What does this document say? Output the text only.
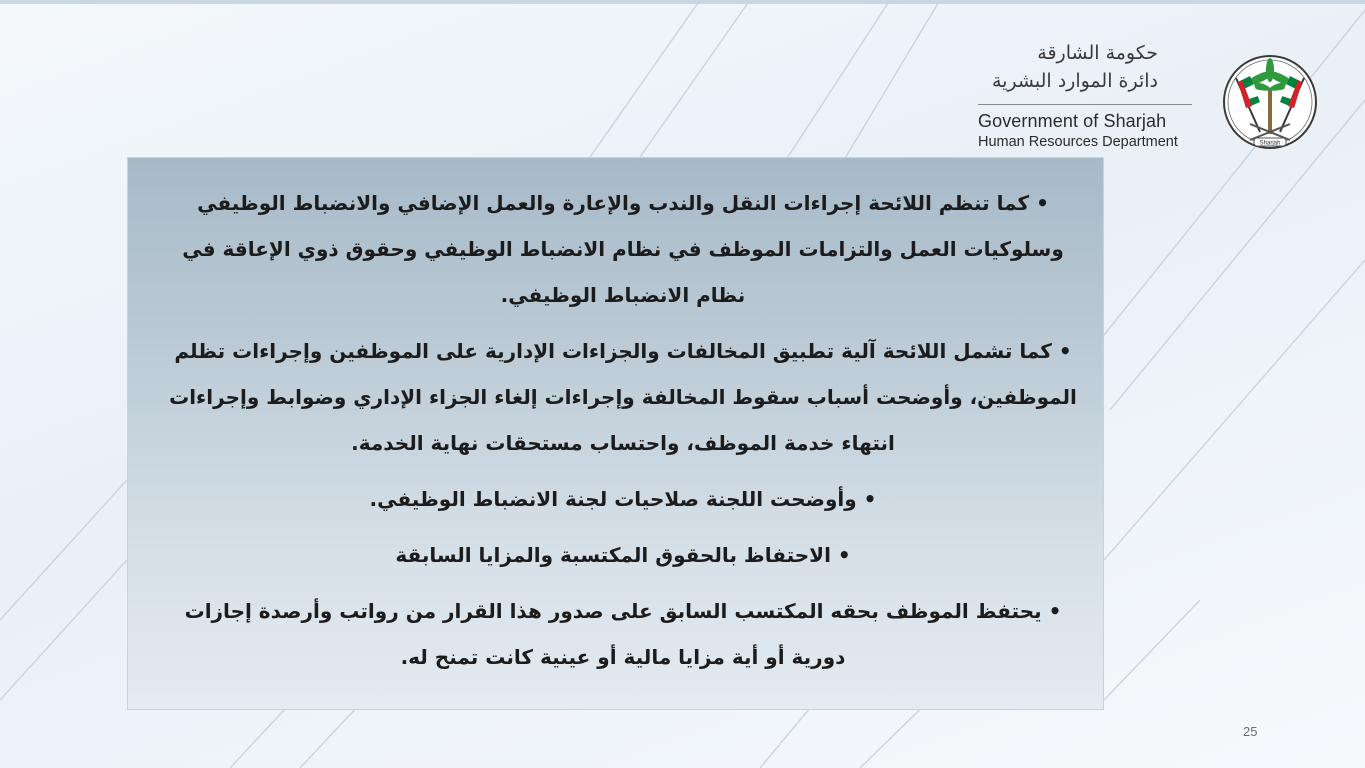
حكومة الشارقة
دائرة الموارد البشرية
Government of Sharjah
Human Resources Department	Sharjah
• كما تنظم اللائحة إجراءات النقل والندب والإعارة والعمل الإضافي والانضباط الوظيفي وسلوكيات العمل والتزامات الموظف في نظام الانضباط الوظيفي وحقوق ذوي الإعاقة في نظام الانضباط الوظيفي.
• كما تشمل اللائحة آلية تطبيق المخالفات والجزاءات الإدارية على الموظفين وإجراءات تظلم الموظفين، وأوضحت أسباب سقوط المخالفة وإجراءات إلغاء الجزاء الإداري وضوابط وإجراءات انتهاء خدمة الموظف، واحتساب مستحقات نهاية الخدمة.
• وأوضحت اللجنة صلاحيات لجنة الانضباط الوظيفي.
• الاحتفاظ بالحقوق المكتسبة والمزايا السابقة
• يحتفظ الموظف بحقه المكتسب السابق على صدور هذا القرار من رواتب وأرصدة إجازات دورية أو أية مزايا مالية أو عينية كانت تمنح له.
25
